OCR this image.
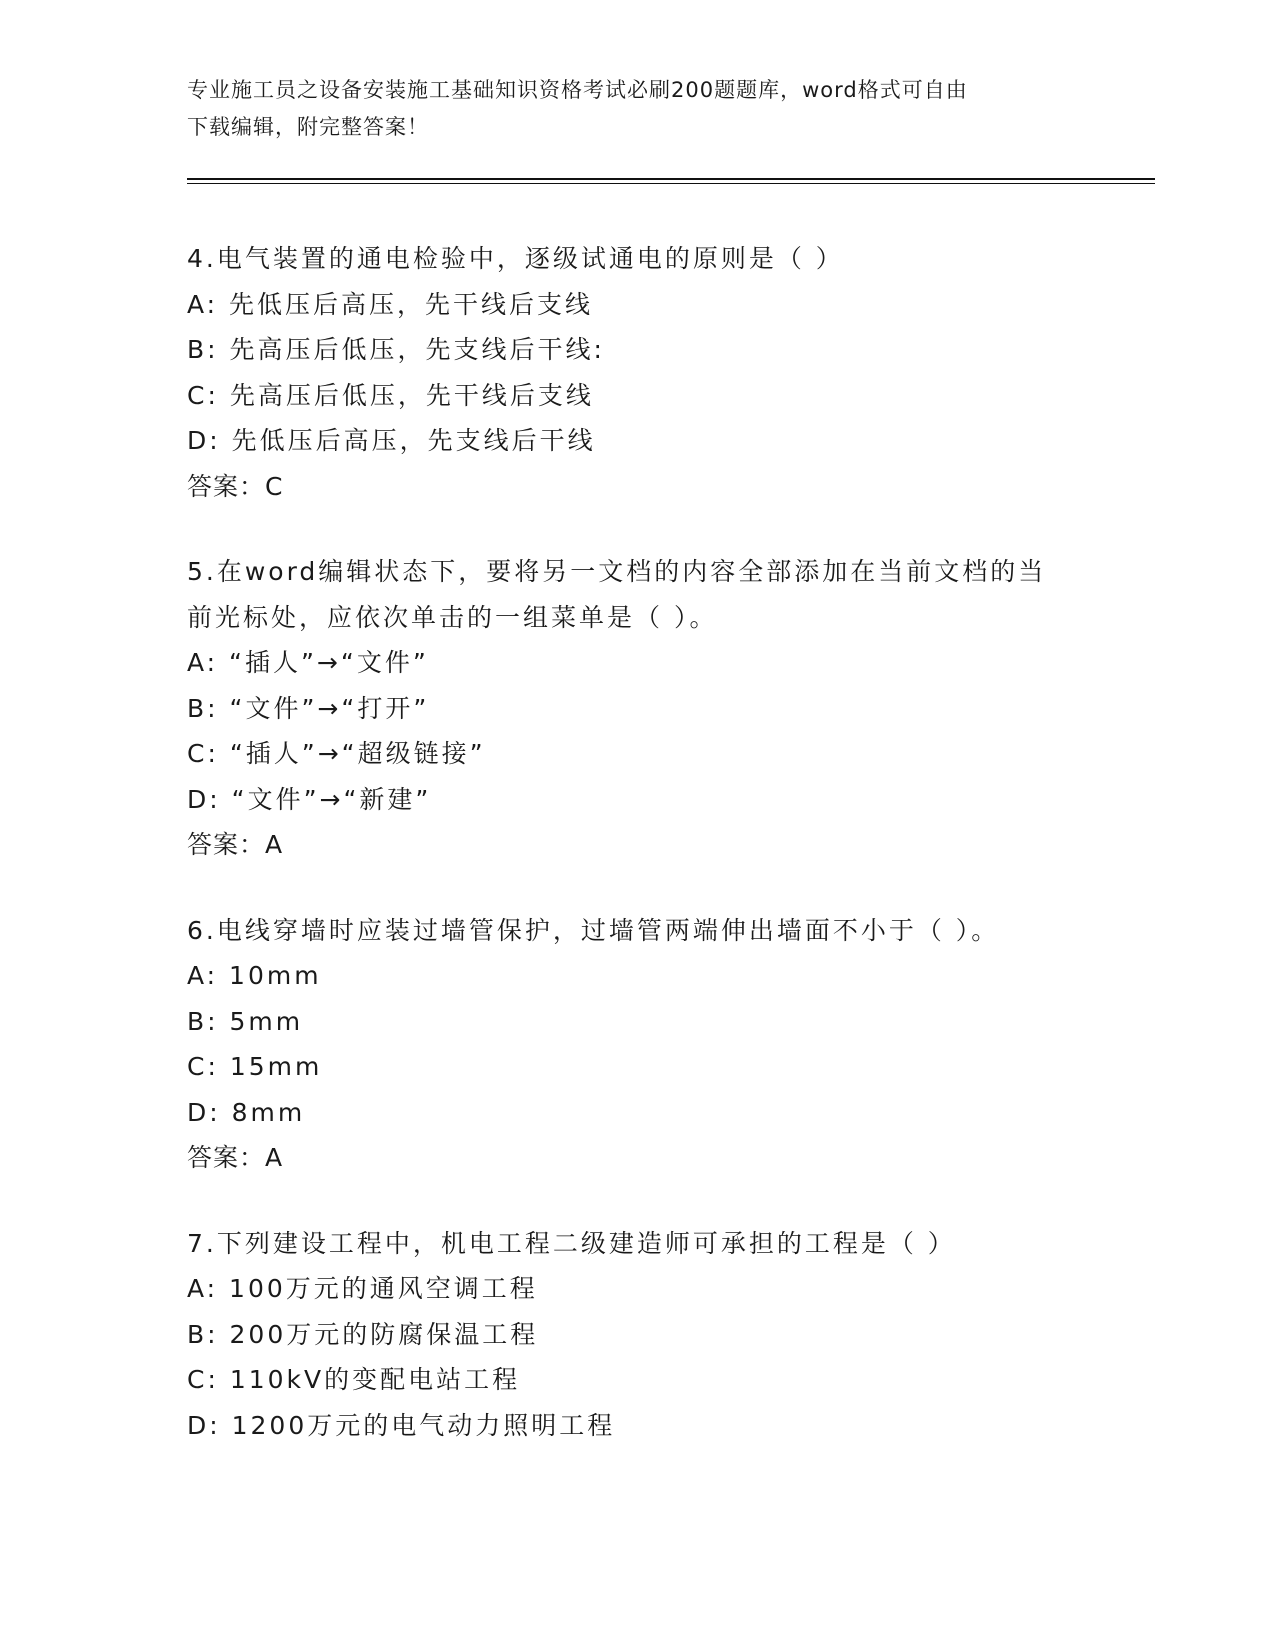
专业施工员之设备安装施工基础知识资格考试必刷200题题库，word格式可自由
下载编辑，附完整答案！
4.电气装置的通电检验中，逐级试通电的原则是（ ）
A: 先低压后高压，先干线后支线
B: 先高压后低压，先支线后干线:
C: 先高压后低压，先干线后支线
D: 先低压后高压，先支线后干线
答案：C
5.在word编辑状态下，要将另一文档的内容全部添加在当前文档的当
前光标处，应依次单击的一组菜单是（ ）。
A: “插人”→“文件”
B: “文件”→“打开”
C: “插人”→“超级链接”
D: “文件”→“新建”
答案：A
6.电线穿墙时应装过墙管保护，过墙管两端伸出墙面不小于（ ）。
A: 10mm
B: 5mm
C: 15mm
D: 8mm
答案：A
7.下列建设工程中，机电工程二级建造师可承担的工程是（ ）
A: 100万元的通风空调工程
B: 200万元的防腐保温工程
C: 110kV的变配电站工程
D: 1200万元的电气动力照明工程
